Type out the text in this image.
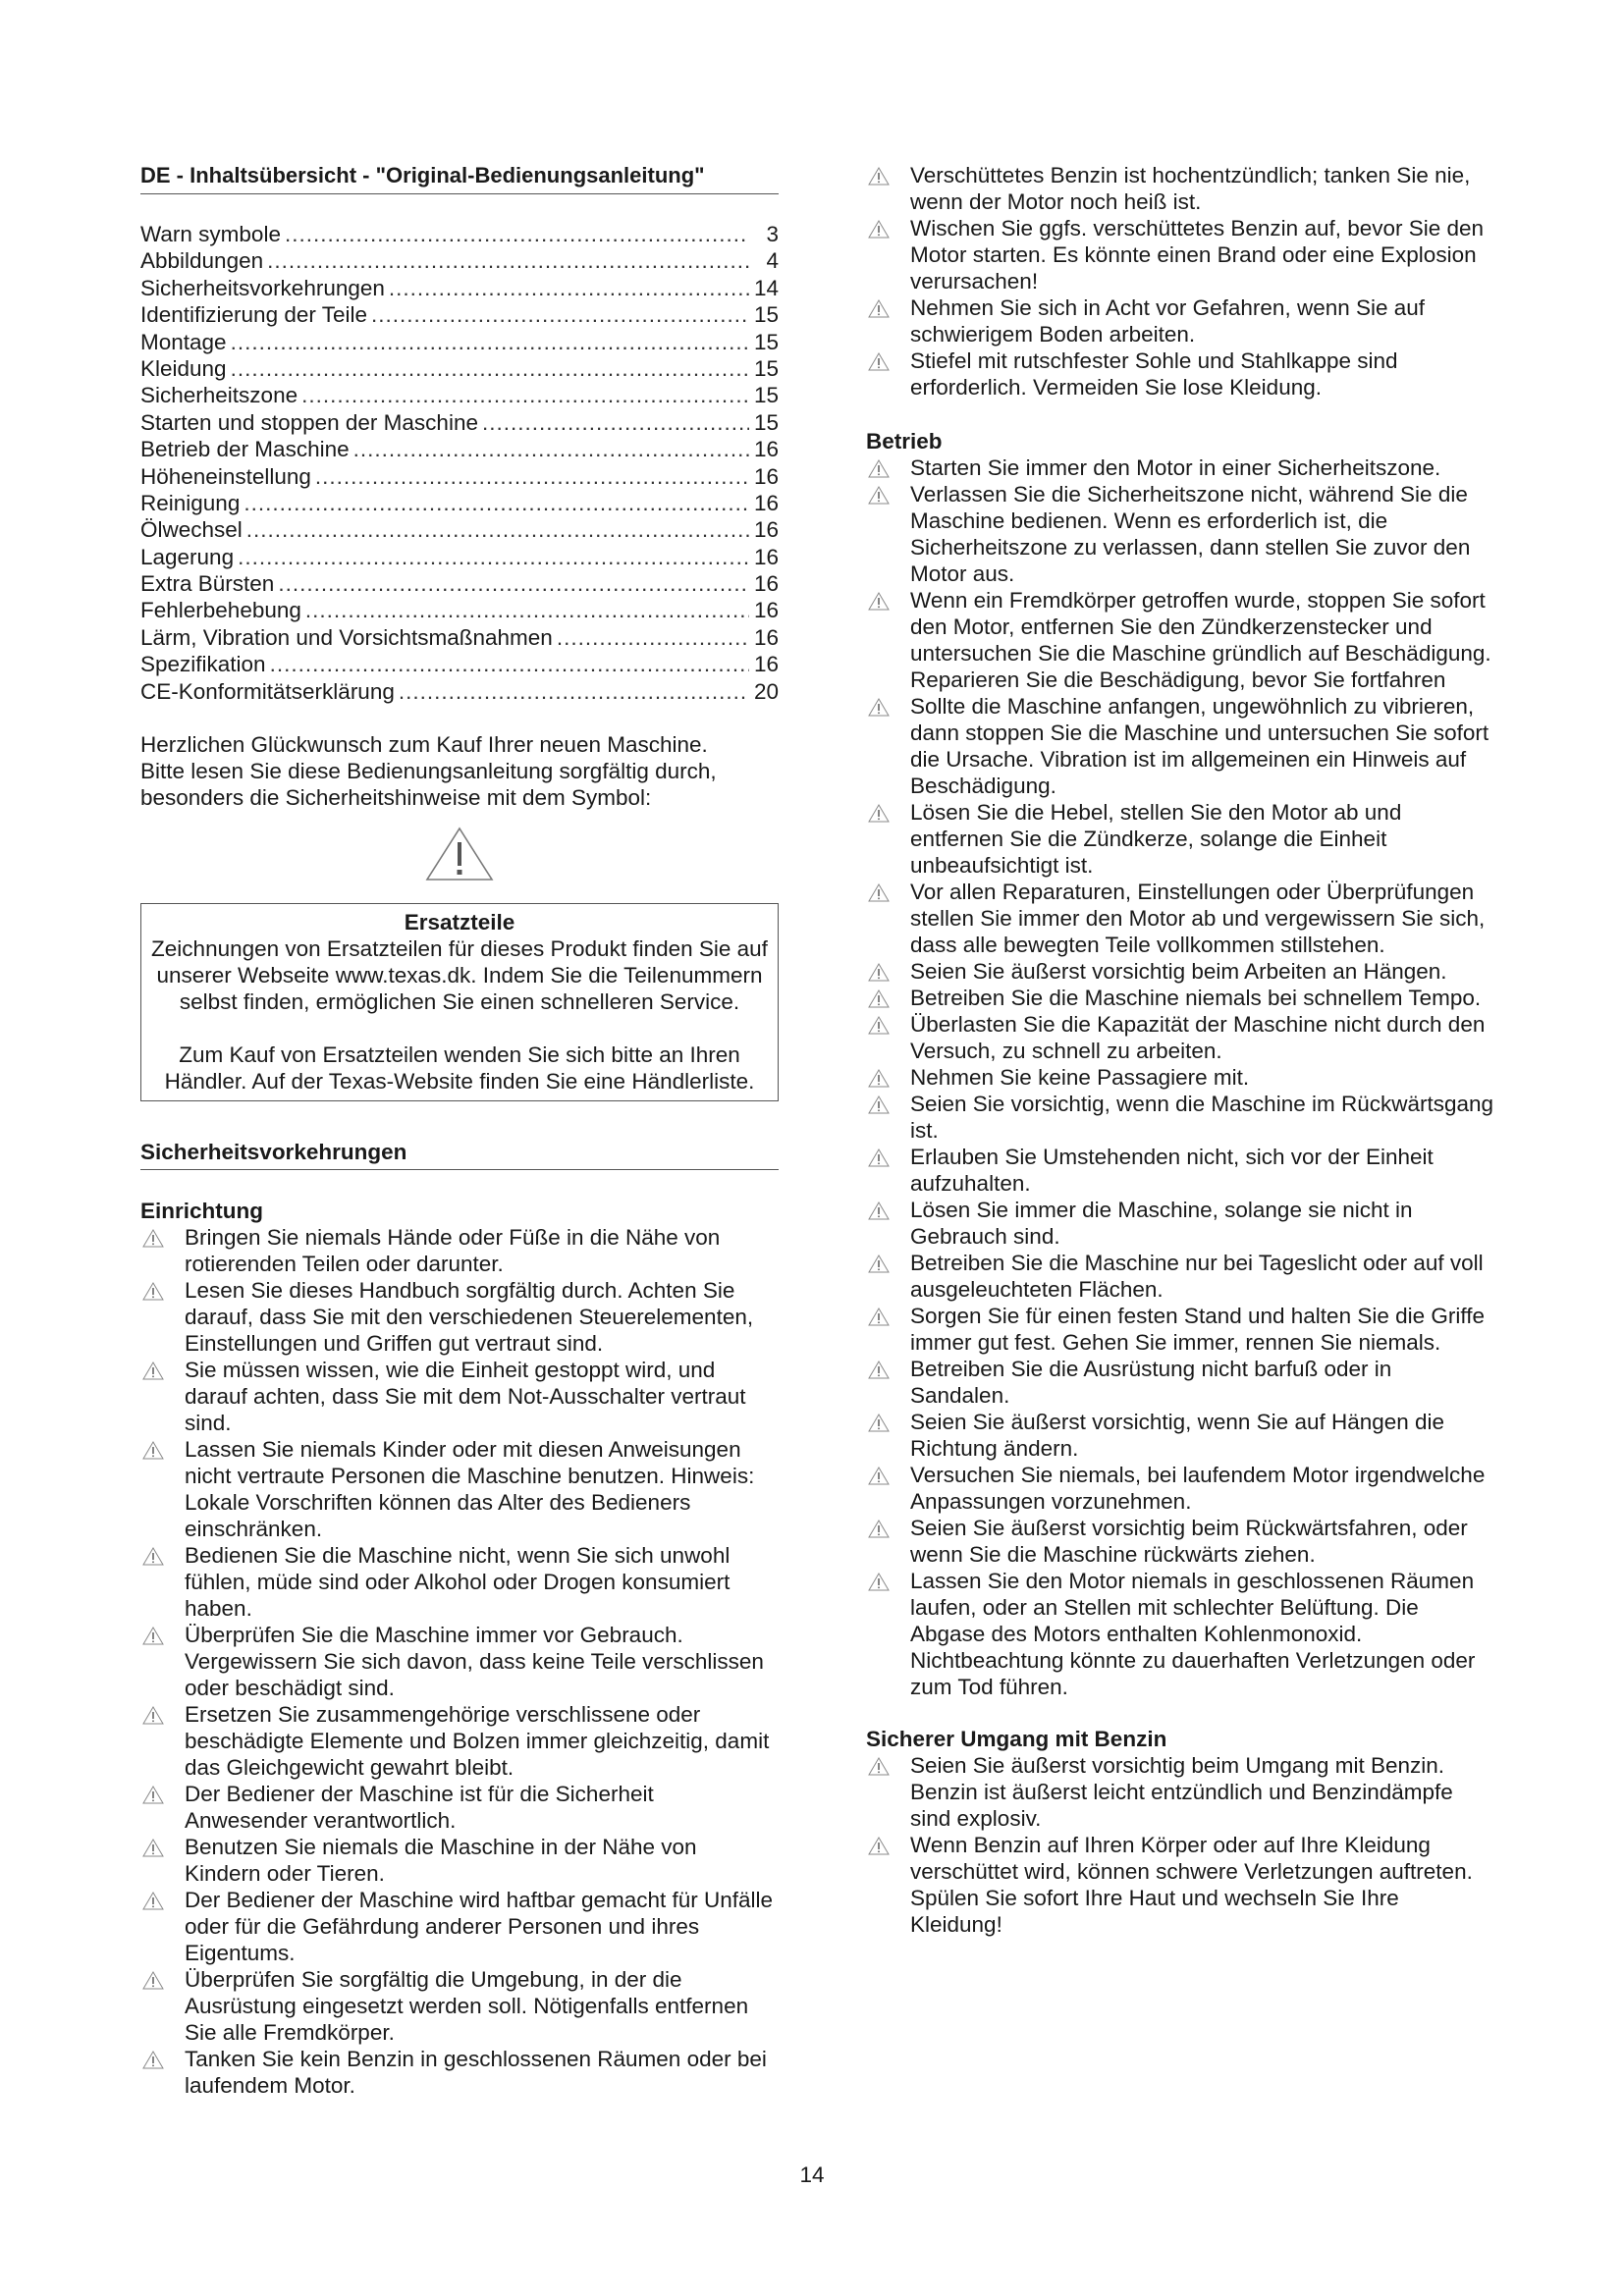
DE - Inhaltsübersicht - "Original-Bedienungsanleitung"
Warn symbole .....	3
Abbildungen .....	4
Sicherheitsvorkehrungen .....	14
Identifizierung der Teile .....	15
Montage .....	15
Kleidung .....	15
Sicherheitszone .....	15
Starten und stoppen der Maschine .....	15
Betrieb der Maschine .....	16
Höheneinstellung .....	16
Reinigung .....	16
Ölwechsel .....	16
Lagerung .....	16
Extra Bürsten .....	16
Fehlerbehebung .....	16
Lärm, Vibration und Vorsichtsmaßnahmen .....	16
Spezifikation .....	16
CE-Konformitätserklärung .....	20

Herzlichen Glückwunsch zum Kauf Ihrer neuen Maschine.

Bitte lesen Sie diese Bedienungsanleitung sorgfältig durch,

besonders die Sicherheitshinweise mit dem Symbol:

Ersatzteile

Zeichnungen von Ersatzteilen für dieses Produkt finden Sie auf unserer Webseite www.texas.dk. Indem Sie die Teilenummern selbst finden, ermöglichen Sie einen schnelleren Service.

Zum Kauf von Ersatzteilen wenden Sie sich bitte an Ihren Händler. Auf der Texas-Website finden Sie eine Händlerliste.

Sicherheitsvorkehrungen
Einrichtung
Bringen Sie niemals Hände oder Füße in die Nähe von rotierenden Teilen oder darunter.
Lesen Sie dieses Handbuch sorgfältig durch. Achten Sie darauf, dass Sie mit den verschiedenen Steuerelementen, Einstellungen und Griffen gut vertraut sind.
Sie müssen wissen, wie die Einheit gestoppt wird, und darauf achten, dass Sie mit dem Not-Ausschalter vertraut sind.
Lassen Sie niemals Kinder oder mit diesen Anweisungen nicht vertraute Personen die Maschine benutzen. Hinweis: Lokale Vorschriften können das Alter des Bedieners einschränken.
Bedienen Sie die Maschine nicht, wenn Sie sich unwohl fühlen, müde sind oder Alkohol oder Drogen konsumiert haben.
Überprüfen Sie die Maschine immer vor Gebrauch. Vergewissern Sie sich davon, dass keine Teile verschlissen oder beschädigt sind.
Ersetzen Sie zusammengehörige verschlissene oder beschädigte Elemente und Bolzen immer gleichzeitig, damit das Gleichgewicht gewahrt bleibt.
Der Bediener der Maschine ist für die Sicherheit Anwesender verantwortlich.
Benutzen Sie niemals die Maschine in der Nähe von Kindern oder Tieren.
Der Bediener der Maschine wird haftbar gemacht für Unfälle oder für die Gefährdung anderer Personen und ihres Eigentums.
Überprüfen Sie sorgfältig die Umgebung, in der die Ausrüstung eingesetzt werden soll. Nötigenfalls entfernen Sie alle Fremdkörper.
Tanken Sie kein Benzin in geschlossenen Räumen oder bei laufendem Motor.
Verschüttetes Benzin ist hochentzündlich; tanken Sie nie, wenn der Motor noch heiß ist.
Wischen Sie ggfs. verschüttetes Benzin auf, bevor Sie den Motor starten. Es könnte einen Brand oder eine Explosion verursachen!
Nehmen Sie sich in Acht vor Gefahren, wenn Sie auf schwierigem Boden arbeiten.
Stiefel mit rutschfester Sohle und Stahlkappe sind erforderlich. Vermeiden Sie lose Kleidung.
Betrieb
Starten Sie immer den Motor in einer Sicherheitszone.
Verlassen Sie die Sicherheitszone nicht, während Sie die Maschine bedienen. Wenn es erforderlich ist, die Sicherheitszone zu verlassen, dann stellen Sie zuvor den Motor aus.
Wenn ein Fremdkörper getroffen wurde, stoppen Sie sofort den Motor, entfernen Sie den Zündkerzenstecker und untersuchen Sie die Maschine gründlich auf Beschädigung. Reparieren Sie die Beschädigung, bevor Sie fortfahren
Sollte die Maschine anfangen, ungewöhnlich zu vibrieren, dann stoppen Sie die Maschine und untersuchen Sie sofort die Ursache. Vibration ist im allgemeinen ein Hinweis auf Beschädigung.
Lösen Sie die Hebel, stellen Sie den Motor ab und entfernen Sie die Zündkerze, solange die Einheit unbeaufsichtigt ist.
Vor allen Reparaturen, Einstellungen oder Überprüfungen stellen Sie immer den Motor ab und vergewissern Sie sich, dass alle bewegten Teile vollkommen stillstehen.
Seien Sie äußerst vorsichtig beim Arbeiten an Hängen.
Betreiben Sie die Maschine niemals bei schnellem Tempo.
Überlasten Sie die Kapazität der Maschine nicht durch den Versuch, zu schnell zu arbeiten.
Nehmen Sie keine Passagiere mit.
Seien Sie vorsichtig, wenn die Maschine im Rückwärtsgang ist.
Erlauben Sie Umstehenden nicht, sich vor der Einheit aufzuhalten.
Lösen Sie immer die Maschine, solange sie nicht in Gebrauch sind.
Betreiben Sie die Maschine nur bei Tageslicht oder auf voll ausgeleuchteten Flächen.
Sorgen Sie für einen festen Stand und halten Sie die Griffe immer gut fest. Gehen Sie immer, rennen Sie niemals.
Betreiben Sie die Ausrüstung nicht barfuß oder in Sandalen.
Seien Sie äußerst vorsichtig, wenn Sie auf Hängen die Richtung ändern.
Versuchen Sie niemals, bei laufendem Motor irgendwelche Anpassungen vorzunehmen.
Seien Sie äußerst vorsichtig beim Rückwärtsfahren, oder wenn Sie die Maschine rückwärts ziehen.
Lassen Sie den Motor niemals in geschlossenen Räumen laufen, oder an Stellen mit schlechter Belüftung. Die Abgase des Motors enthalten Kohlenmonoxid. Nichtbeachtung könnte zu dauerhaften Verletzungen oder zum Tod führen.
Sicherer Umgang mit Benzin
Seien Sie äußerst vorsichtig beim Umgang mit Benzin. Benzin ist äußerst leicht entzündlich und Benzindämpfe sind explosiv.
Wenn Benzin auf Ihren Körper oder auf Ihre Kleidung verschüttet wird, können schwere Verletzungen auftreten. Spülen Sie sofort Ihre Haut und wechseln Sie Ihre Kleidung!
14
